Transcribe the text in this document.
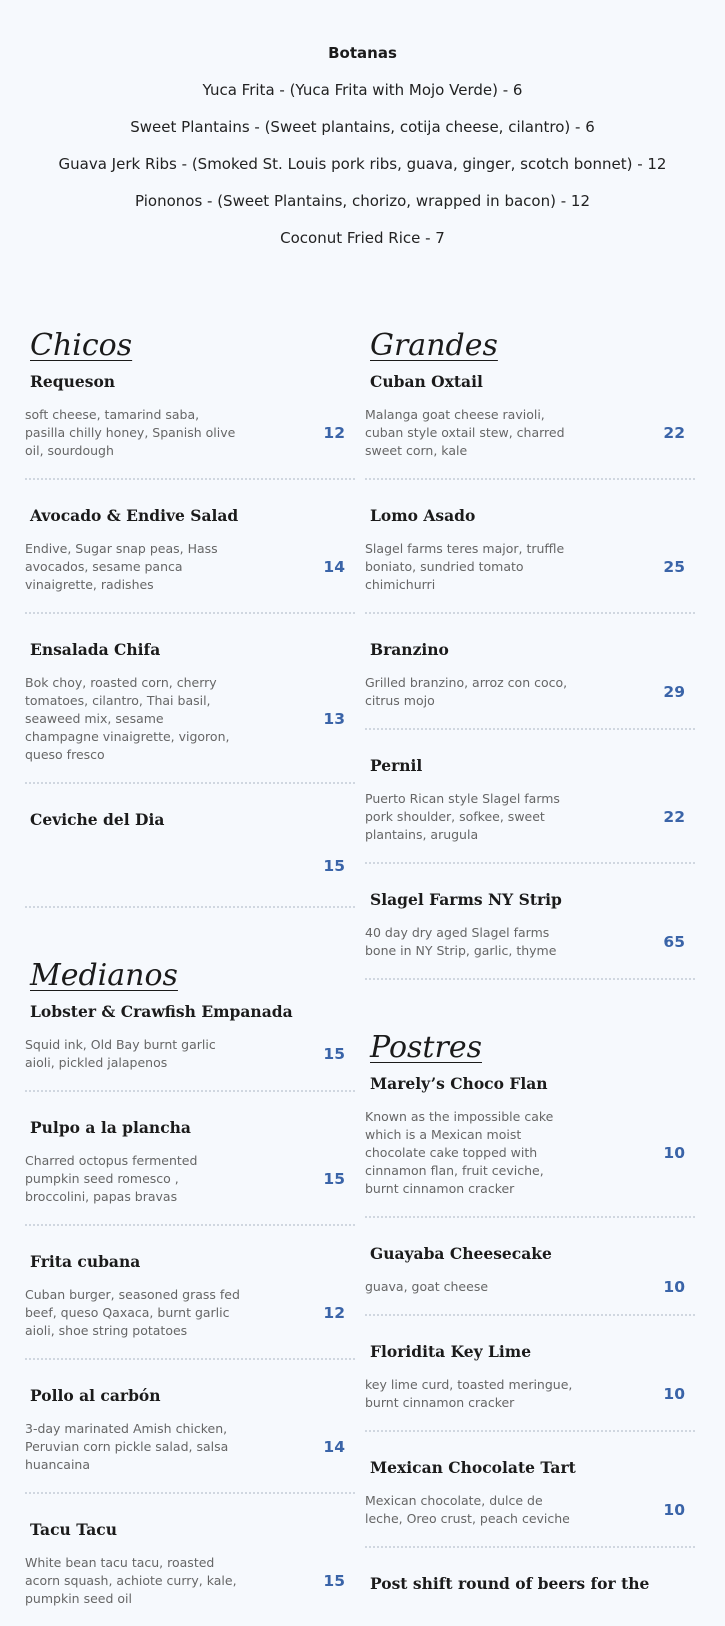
Botanas
Yuca Frita - (Yuca Frita with Mojo Verde) - 6
Sweet Plantains - (Sweet plantains, cotija cheese, cilantro) - 6
Guava Jerk Ribs - (Smoked St. Louis pork ribs, guava, ginger, scotch bonnet) - 12
Piononos - (Sweet Plantains, chorizo, wrapped in bacon) - 12
Coconut Fried Rice - 7
Chicos
Requeson
soft cheese, tamarind saba, pasilla chilly honey, Spanish olive oil, sourdough
12
Avocado & Endive Salad
Endive, Sugar snap peas, Hass avocados, sesame panca vinaigrette, radishes
14
Ensalada Chifa
Bok choy, roasted corn, cherry tomatoes, cilantro, Thai basil, seaweed mix, sesame champagne vinaigrette, vigoron, queso fresco
13
Ceviche del Dia
15
Medianos
Lobster & Crawfish Empanada
Squid ink, Old Bay burnt garlic aioli, pickled jalapenos	15
Pulpo a la plancha
Charred octopus fermented pumpkin seed romesco , broccolini, papas bravas
15
Frita cubana
Cuban burger, seasoned grass fed beef, queso Qaxaca, burnt garlic aioli, shoe string potatoes
12
Pollo al carbón
3-day marinated Amish chicken, Peruvian corn pickle salad, salsa huancaina
14
Tacu Tacu
White bean tacu tacu, roasted acorn squash, achiote curry, kale, pumpkin seed oil
15
Grandes
Cuban Oxtail
Malanga goat cheese ravioli, cuban style oxtail stew, charred sweet corn, kale
22
Lomo Asado
Slagel farms teres major, truffle boniato, sundried tomato chimichurri
25
Branzino
Grilled branzino, arroz con coco, citrus mojo	29
Pernil
Puerto Rican style Slagel farms pork shoulder, sofkee, sweet plantains, arugula
22
Slagel Farms NY Strip
40 day dry aged Slagel farms bone in NY Strip, garlic, thyme	65
Postres
Marely’s Choco Flan
Known as the impossible cake which is a Mexican moist chocolate cake topped with cinnamon flan, fruit ceviche, burnt cinnamon cracker
10
Guayaba Cheesecake
guava, goat cheese	10
Floridita Key Lime
key lime curd, toasted meringue, burnt cinnamon cracker	10
Mexican Chocolate Tart
Mexican chocolate, dulce de leche, Oreo crust, peach ceviche	10
Post shift round of beers for the
